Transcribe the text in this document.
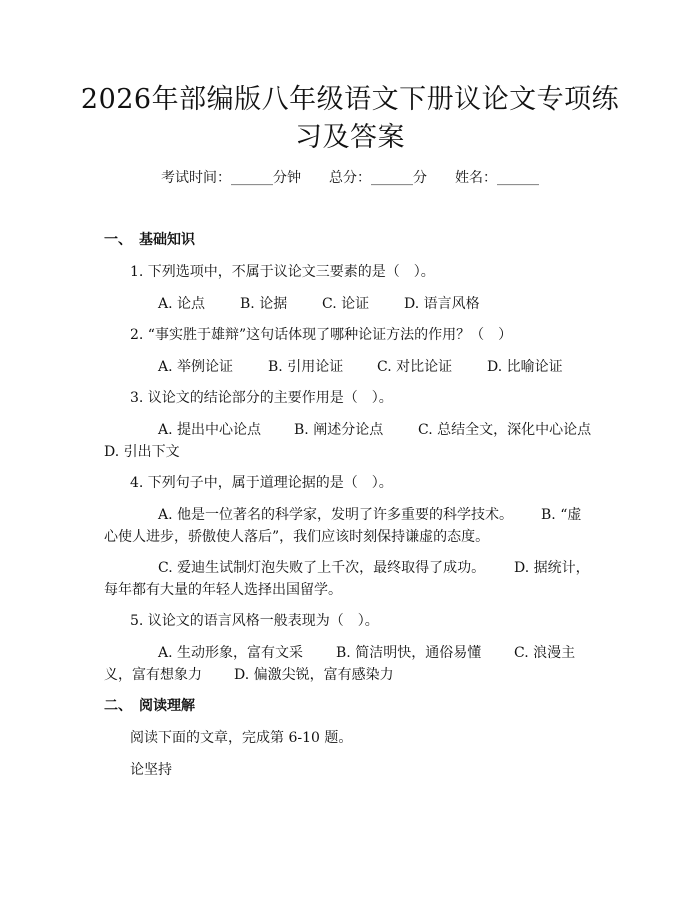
2026年部编版八年级语文下册议论文专项练
习及答案
考试时间：______分钟　　总分：______分　　姓名：______
一、　基础知识
1. 下列选项中，不属于议论文三要素的是（　）。
A. 论点 B. 论据 C. 论证 D. 语言风格
2. “事实胜于雄辩”这句话体现了哪种论证方法的作用？（　）
A. 举例论证 B. 引用论证 C. 对比论证 D. 比喻论证
3. 议论文的结论部分的主要作用是（　）。
A. 提出中心论点 B. 阐述分论点 C. 总结全文，深化中心论点
D. 引出下文
4. 下列句子中，属于道理论据的是（　）。
A. 他是一位著名的科学家，发明了许多重要的科学技术。 B. “虚
心使人进步，骄傲使人落后”，我们应该时刻保持谦虚的态度。
C. 爱迪生试制灯泡失败了上千次，最终取得了成功。 D. 据统计，
每年都有大量的年轻人选择出国留学。
5. 议论文的语言风格一般表现为（　）。
A. 生动形象，富有文采 B. 简洁明快，通俗易懂 C. 浪漫主
义，富有想象力 D. 偏激尖锐，富有感染力
二、　阅读理解
阅读下面的文章，完成第 6-10 题。
论坚持
